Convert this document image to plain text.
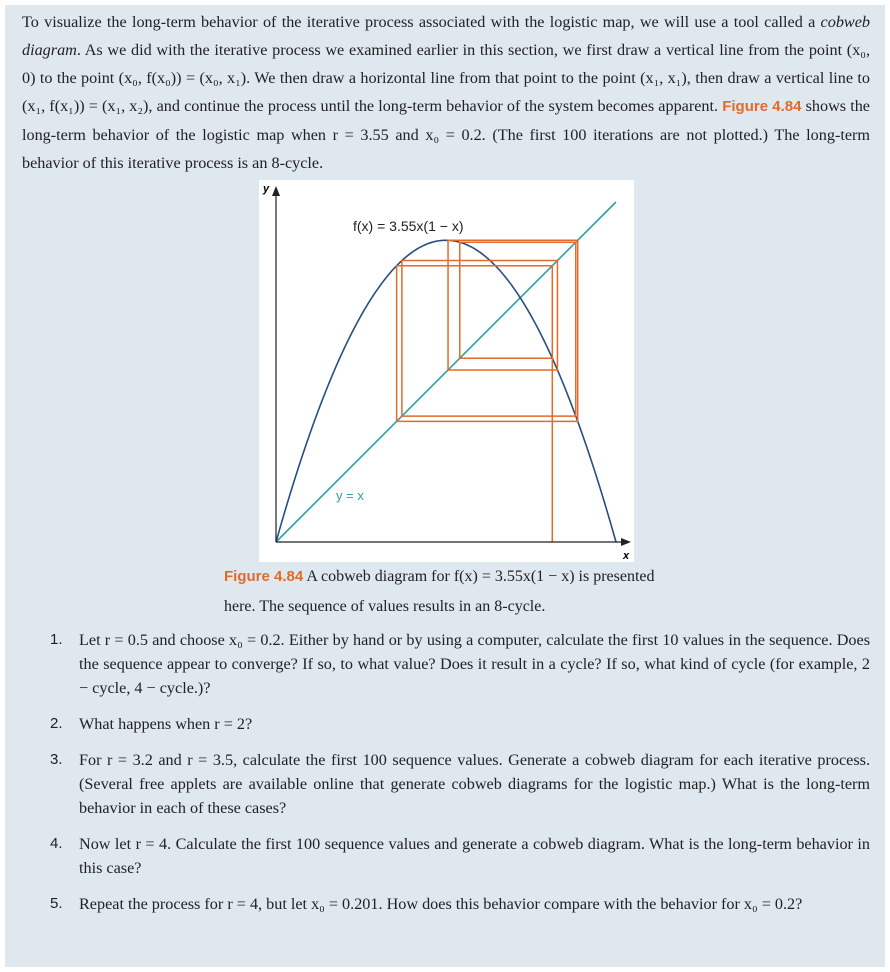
To visualize the long-term behavior of the iterative process associated with the logistic map, we will use a tool called a cobweb diagram. As we did with the iterative process we examined earlier in this section, we first draw a vertical line from the point (x₀, 0) to the point (x₀, f(x₀)) = (x₀, x₁). We then draw a horizontal line from that point to the point (x₁, x₁), then draw a vertical line to (x₁, f(x₁)) = (x₁, x₂), and continue the process until the long-term behavior of the system becomes apparent. Figure 4.84 shows the long-term behavior of the logistic map when r = 3.55 and x₀ = 0.2. (The first 100 iterations are not plotted.) The long-term behavior of this iterative process is an 8-cycle.
y
x
f(x) = 3.55x(1 − x)
y = x
Figure 4.84 A cobweb diagram for f(x) = 3.55x(1 − x) is presented here. The sequence of values results in an 8-cycle.
1. Let r = 0.5 and choose x₀ = 0.2. Either by hand or by using a computer, calculate the first 10 values in the sequence. Does the sequence appear to converge? If so, to what value? Does it result in a cycle? If so, what kind of cycle (for example, 2 − cycle, 4 − cycle.)?
2. What happens when r = 2?
3. For r = 3.2 and r = 3.5, calculate the first 100 sequence values. Generate a cobweb diagram for each iterative process. (Several free applets are available online that generate cobweb diagrams for the logistic map.) What is the long-term behavior in each of these cases?
4. Now let r = 4. Calculate the first 100 sequence values and generate a cobweb diagram. What is the long-term behavior in this case?
5. Repeat the process for r = 4, but let x₀ = 0.201. How does this behavior compare with the behavior for x₀ = 0.2?
